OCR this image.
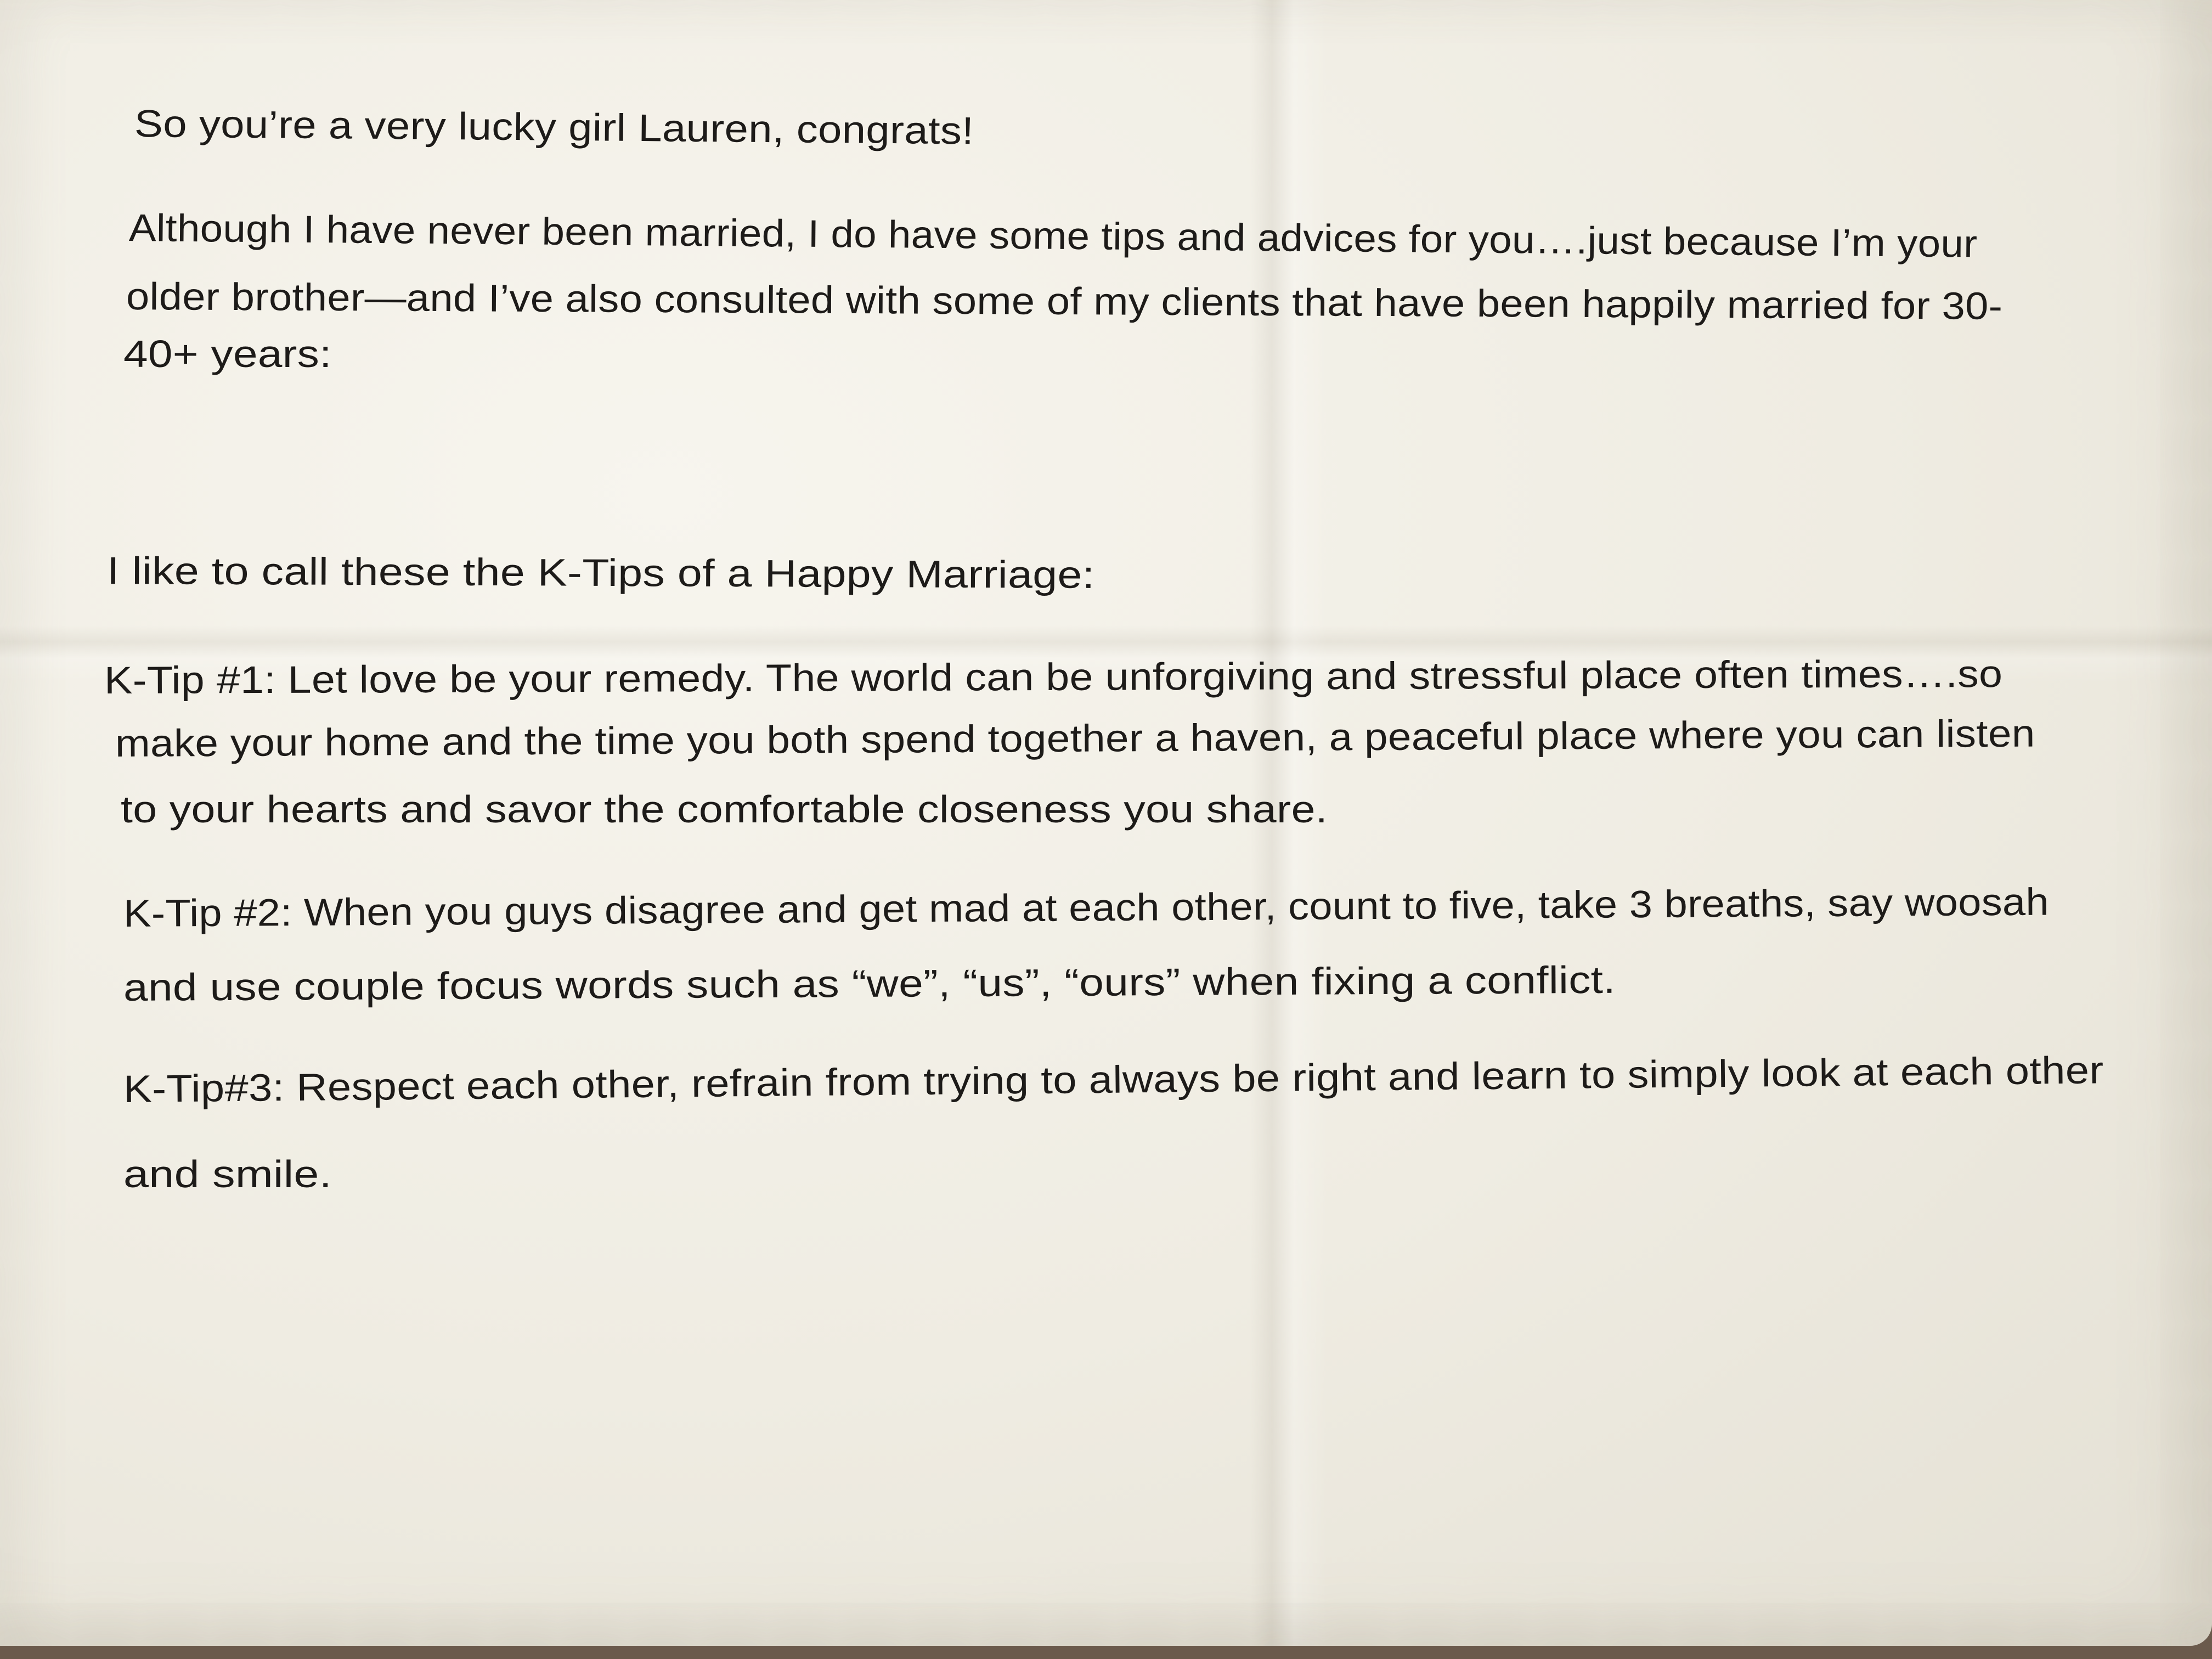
So you’re a very lucky girl Lauren, congrats!

Although I have never been married, I do have some tips and advices for you….just because I’m your

older brother—and I’ve also consulted with some of my clients that have been happily married for 30-

40+ years:

I like to call these the K-Tips of a Happy Marriage:

K-Tip #1: Let love be your remedy. The world can be unforgiving and stressful place often times….so

make your home and the time you both spend together a haven, a peaceful place where you can listen

to your hearts and savor the comfortable closeness you share.

K-Tip #2: When you guys disagree and get mad at each other, count to five, take 3 breaths, say woosah

and use couple focus words such as “we”, “us”, “ours” when fixing a conflict.

K-Tip#3: Respect each other, refrain from trying to always be right and learn to simply look at each other

and smile.
